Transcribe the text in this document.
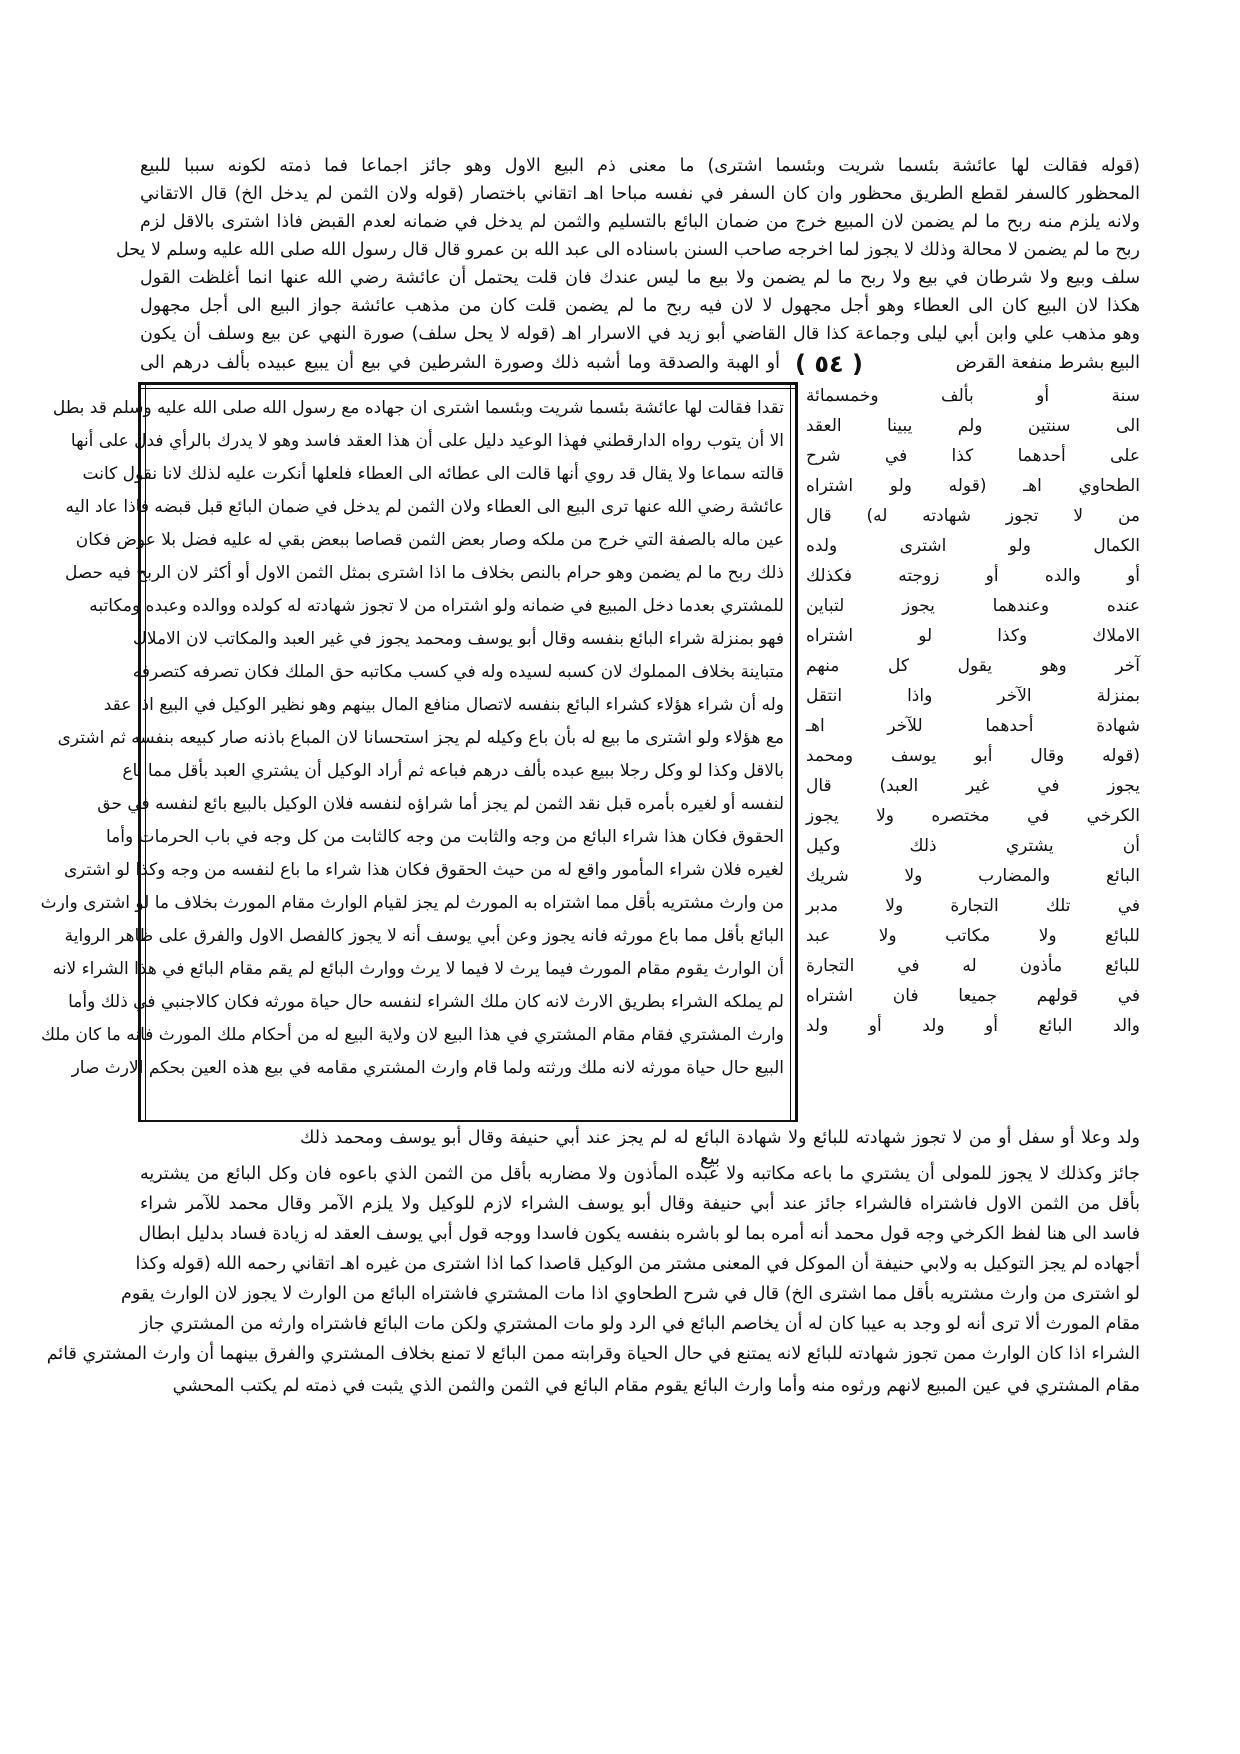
(قوله فقالت لها عائشة بئسما شريت وبئسما اشترى) ما معنى ذم البيع الاول وهو جائز اجماعا فما ذمته لكونه سببا للبيع
المحظور كالسفر لقطع الطريق محظور وان كان السفر في نفسه مباحا اهـ اتقاني باختصار (قوله ولان الثمن لم يدخل الخ) قال الاتقاني
ولانه يلزم منه ربح ما لم يضمن لان المبيع خرج من ضمان البائع بالتسليم والثمن لم يدخل في ضمانه لعدم القبض فاذا اشترى بالاقل لزم
ربح ما لم يضمن لا محالة وذلك لا يجوز لما اخرجه صاحب السنن باسناده الى عبد الله بن عمرو قال قال رسول الله صلى الله عليه وسلم لا يحل
سلف وبيع ولا شرطان في بيع ولا ربح ما لم يضمن ولا بيع ما ليس عندك فان قلت يحتمل أن عائشة رضي الله عنها انما أغلظت القول
هكذا لان البيع كان الى العطاء وهو أجل مجهول لا لان فيه ربح ما لم يضمن قلت كان من مذهب عائشة جواز البيع الى أجل مجهول
وهو مذهب علي وابن أبي ليلى وجماعة كذا قال القاضي أبو زيد في الاسرار اهـ (قوله لا يحل سلف) صورة النهي عن بيع وسلف أن يكون
أو الهبة والصدقة وما أشبه ذلك وصورة الشرطين في بيع أن يبيع عبيده بألف درهم الى ( ٥٤ )	البيع بشرط منفعة القرض
تقدا فقالت لها عائشة بئسما شريت وبئسما اشترى ان جهاده مع رسول الله صلى الله عليه وسلم قد بطل
الا أن يتوب رواه الدارقطني فهذا الوعيد دليل على أن هذا العقد فاسد وهو لا يدرك بالرأي فدل على أنها
قالته سماعا ولا يقال قد روي أنها قالت الى عطائه الى العطاء فلعلها أنكرت عليه لذلك لانا نقول كانت
عائشة رضي الله عنها ترى البيع الى العطاء ولان الثمن لم يدخل في ضمان البائع قبل قبضه فاذا عاد اليه
عين ماله بالصفة التي خرج من ملكه وصار بعض الثمن قصاصا ببعض بقي له عليه فضل بلا عوض فكان
ذلك ربح ما لم يضمن وهو حرام بالنص بخلاف ما اذا اشترى بمثل الثمن الاول أو أكثر لان الربح فيه حصل
للمشتري بعدما دخل المبيع في ضمانه ولو اشتراه من لا تجوز شهادته له كولده ووالده وعبده ومكاتبه
فهو بمنزلة شراء البائع بنفسه وقال أبو يوسف ومحمد يجوز في غير العبد والمكاتب لان الاملاك
متباينة بخلاف المملوك لان كسبه لسيده وله في كسب مكاتبه حق الملك فكان تصرفه كتصرفه
وله أن شراء هؤلاء كشراء البائع بنفسه لاتصال منافع المال بينهم وهو نظير الوكيل في البيع اذا عقد
مع هؤلاء ولو اشترى ما بيع له بأن باع وكيله لم يجز استحسانا لان المباع باذنه صار كبيعه بنفسه ثم اشترى
بالاقل وكذا لو وكل رجلا ببيع عبده بألف درهم فباعه ثم أراد الوكيل أن يشتري العبد بأقل مما باع
لنفسه أو لغيره بأمره قبل نقد الثمن لم يجز أما شراؤه لنفسه فلان الوكيل بالبيع بائع لنفسه في حق
الحقوق فكان هذا شراء البائع من وجه والثابت من وجه كالثابت من كل وجه في باب الحرمات وأما
لغيره فلان شراء المأمور واقع له من حيث الحقوق فكان هذا شراء ما باع لنفسه من وجه وكذا لو اشترى
من وارث مشتريه بأقل مما اشتراه به المورث لم يجز لقيام الوارث مقام المورث بخلاف ما لو اشترى وارث
البائع بأقل مما باع مورثه فانه يجوز وعن أبي يوسف أنه لا يجوز كالفصل الاول والفرق على ظاهر الرواية
أن الوارث يقوم مقام المورث فيما يرث لا فيما لا يرث ووارث البائع لم يقم مقام البائع في هذا الشراء لانه
لم يملكه الشراء بطريق الارث لانه كان ملك الشراء لنفسه حال حياة مورثه فكان كالاجنبي في ذلك وأما
وارث المشتري فقام مقام المشتري في هذا البيع لان ولاية البيع له من أحكام ملك المورث فانه ما كان ملك
البيع حال حياة مورثه لانه ملك ورثته ولما قام وارث المشتري مقامه في بيع هذه العين بحكم الارث صار
سنة أو بألف وخمسمائة
الى سنتين ولم يبينا العقد
على أحدهما كذا في شرح
الطحاوي اهـ (قوله ولو اشتراه
من لا تجوز شهادته له) قال
الكمال ولو اشترى ولده
أو والده أو زوجته فكذلك
عنده وعندهما يجوز لتباين
الاملاك وكذا لو اشتراه
آخر وهو يقول كل منهم
بمنزلة الآخر واذا انتقل
شهادة أحدهما للآخر اهـ
(قوله وقال أبو يوسف ومحمد
يجوز في غير العبد) قال
الكرخي في مختصره ولا يجوز
أن يشتري ذلك وكيل
البائع والمضارب ولا شريك
في تلك التجارة ولا مدبر
للبائع ولا مكاتب ولا عبد
للبائع مأذون له في التجارة
في قولهم جميعا فان اشتراه
والد البائع أو ولد أو ولد
بيع
ولد وعلا أو سفل أو من لا تجوز شهادته للبائع ولا شهادة البائع له لم يجز عند أبي حنيفة وقال أبو يوسف ومحمد ذلك
جائز وكذلك لا يجوز للمولى أن يشتري ما باعه مكاتبه ولا عبده المأذون ولا مضاربه بأقل من الثمن الذي باعوه فان وكل البائع من يشتريه
بأقل من الثمن الاول فاشتراه فالشراء جائز عند أبي حنيفة وقال أبو يوسف الشراء لازم للوكيل ولا يلزم الآمر وقال محمد للآمر شراء
فاسد الى هنا لفظ الكرخي وجه قول محمد أنه أمره بما لو باشره بنفسه يكون فاسدا ووجه قول أبي يوسف العقد له زيادة فساد بدليل ابطال
أجهاده لم يجز التوكيل به ولابي حنيفة أن الموكل في المعنى مشتر من الوكيل قاصدا كما اذا اشترى من غيره اهـ اتقاني رحمه الله (قوله وكذا
لو اشترى من وارث مشتريه بأقل مما اشترى الخ) قال في شرح الطحاوي اذا مات المشتري فاشتراه البائع من الوارث لا يجوز لان الوارث يقوم
مقام المورث ألا ترى أنه لو وجد به عيبا كان له أن يخاصم البائع في الرد ولو مات المشتري ولكن مات البائع فاشتراه وارثه من المشتري جاز
الشراء اذا كان الوارث ممن تجوز شهادته للبائع لانه يمتنع في حال الحياة وقرابته ممن البائع لا تمنع بخلاف المشتري والفرق بينهما أن وارث المشتري قائم
مقام المشتري في عين المبيع لانهم ورثوه منه وأما وارث البائع يقوم مقام البائع في الثمن والثمن الذي يثبت في ذمته لم يكتب المحشي
